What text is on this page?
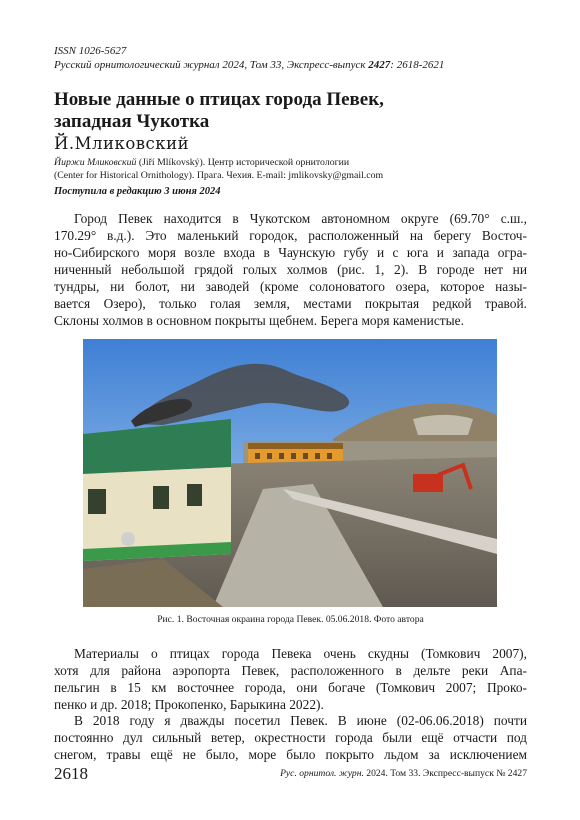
ISSN 1026-5627
Русский орнитологический журнал 2024, Том 33, Экспресс-выпуск 2427: 2618-2621
Новые данные о птицах города Певек,
западная Чукотка
Й.Мликовский
Йиржи Мликовский (Jiří Mlíkovský). Центр исторической орнитологии
(Center for Historical Ornithology). Прага. Чехия. E-mail: jmlikovsky@gmail.com
Поступила в редакцию 3 июня 2024
Город Певек находится в Чукотском автономном округе (69.70° с.ш.,
170.29° в.д.). Это маленький городок, расположенный на берегу Восточ-
но-Сибирского моря возле входа в Чаунскую губу и с юга и запада огра-
ниченный небольшой грядой голых холмов (рис. 1, 2). В городе нет ни
тундры, ни болот, ни заводей (кроме солоноватого озера, которое назы-
вается Озеро), только голая земля, местами покрытая редкой травой.
Склоны холмов в основном покрыты щебнем. Берега моря каменистые.
Рис. 1. Восточная окраина города Певек. 05.06.2018. Фото автора
Материалы о птицах города Певека очень скудны (Томкович 2007),
хотя для района аэропорта Певек, расположенного в дельте реки Апа-
пельгин в 15 км восточнее города, они богаче (Томкович 2007; Проко-
пенко и др. 2018; Прокопенко, Барыкина 2022).
В 2018 году я дважды посетил Певек. В июне (02-06.06.2018) почти
постоянно дул сильный ветер, окрестности города были ещё отчасти под
снегом, травы ещё не было, море было покрыто льдом за исключением
2618	Рус. орнитол. журн. 2024. Том 33. Экспресс-выпуск № 2427
